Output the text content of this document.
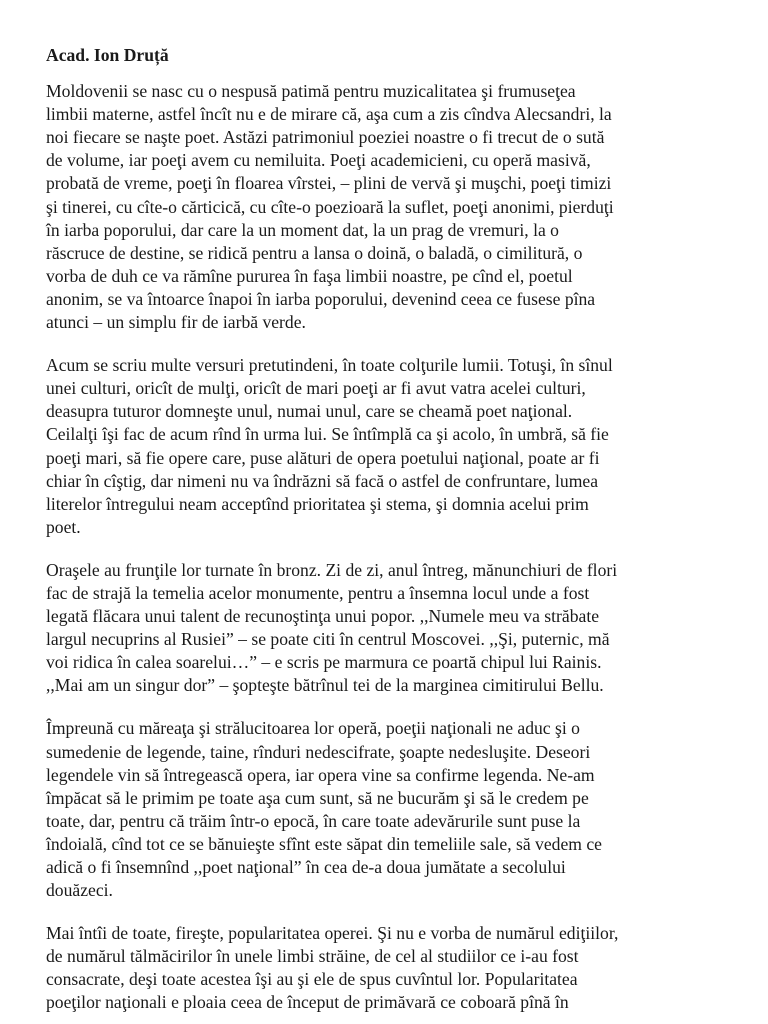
Acad. Ion Druță
Moldovenii se nasc cu o nespusă patimă pentru muzicalitatea şi frumuseţea
limbii materne, astfel încît nu e de mirare că, aşa cum a zis cîndva Alecsandri, la
noi fiecare se naşte poet. Astăzi patrimoniul poeziei noastre o fi trecut de o sută
de volume, iar poeţi avem cu nemiluita. Poeţi academicieni, cu operă masivă,
probată de vreme, poeţi în floarea vîrstei, – plini de vervă şi muşchi, poeţi timizi
şi tinerei, cu cîte-o cărticică, cu cîte-o poezioară la suflet, poeţi anonimi, pierduţi
în iarba poporului, dar care la un moment dat, la un prag de vremuri, la o
răscruce de destine, se ridică pentru a lansa o doină, o baladă, o cimilitură, o
vorba de duh ce va rămîne pururea în faşa limbii noastre, pe cînd el, poetul
anonim, se va întoarce înapoi în iarba poporului, devenind ceea ce fusese pîna
atunci – un simplu fir de iarbă verde.
Acum se scriu multe versuri pretutindeni, în toate colţurile lumii. Totuşi, în sînul
unei culturi, oricît de mulţi, oricît de mari poeţi ar fi avut vatra acelei culturi,
deasupra tuturor domneşte unul, numai unul, care se cheamă poet naţional.
Ceilalţi îşi fac de acum rînd în urma lui. Se întîmplă ca şi acolo, în umbră, să fie
poeţi mari, să fie opere care, puse alături de opera poetului naţional, poate ar fi
chiar în cîştig, dar nimeni nu va îndrăzni să facă o astfel de confruntare, lumea
literelor întregului neam acceptînd prioritatea şi stema, şi domnia acelui prim
poet.
Oraşele au frunţile lor turnate în bronz. Zi de zi, anul întreg, mănunchiuri de flori
fac de strajă la temelia acelor monumente, pentru a însemna locul unde a fost
legată flăcara unui talent de recunoştinţa unui popor. ,,Numele meu va străbate
largul necuprins al Rusiei” – se poate citi în centrul Moscovei. ,,Şi, puternic, mă
voi ridica în calea soarelui…” – e scris pe marmura ce poartă chipul lui Rainis.
,,Mai am un singur dor” – şopteşte bătrînul tei de la marginea cimitirului Bellu.
Împreună cu măreaţa şi strălucitoarea lor operă, poeţii naţionali ne aduc şi o
sumedenie de legende, taine, rînduri nedescifrate, şoapte nedesluşite. Deseori
legendele vin să întregească opera, iar opera vine sa confirme legenda. Ne-am
împăcat să le primim pe toate aşa cum sunt, să ne bucurăm şi să le credem pe
toate, dar, pentru că trăim într-o epocă, în care toate adevărurile sunt puse la
îndoială, cînd tot ce se bănuieşte sfînt este săpat din temeliile sale, să vedem ce
adică o fi însemnînd ,,poet naţional” în cea de-a doua jumătate a secolului
douăzeci.
Mai întîi de toate, fireşte, popularitatea operei. Şi nu e vorba de numărul ediţiilor,
de numărul tălmăcirilor în unele limbi străine, de cel al studiilor ce i-au fost
consacrate, deşi toate acestea îşi au şi ele de spus cuvîntul lor. Popularitatea
poeţilor naţionali e ploaia ceea de început de primăvară ce coboară pînă în
